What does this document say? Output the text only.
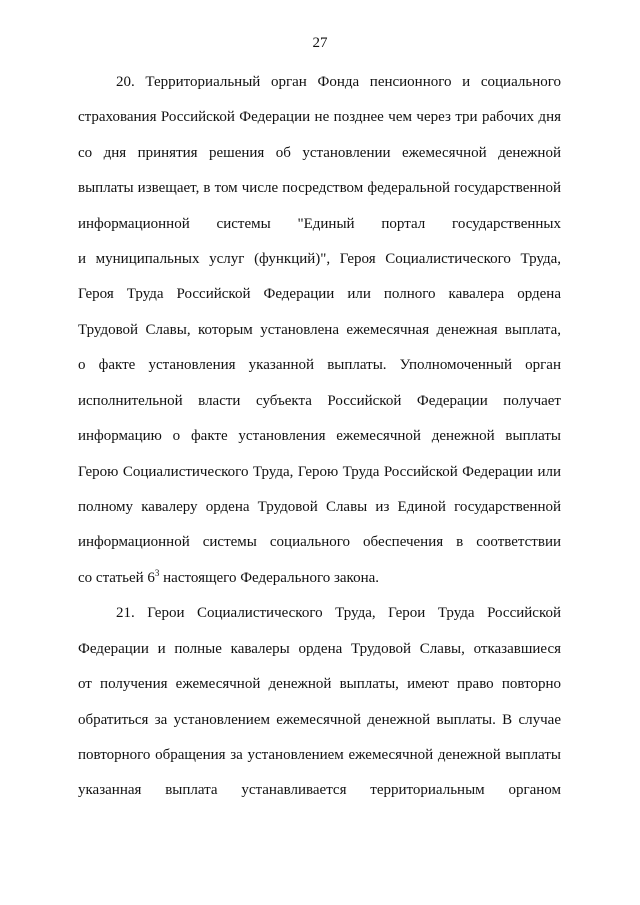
27
20. Территориальный орган Фонда пенсионного и социального
страхования Российской Федерации не позднее чем через три рабочих дня
со дня принятия решения об установлении ежемесячной денежной
выплаты извещает, в том числе посредством федеральной государственной
информационной системы "Единый портал государственных
и муниципальных услуг (функций)", Героя Социалистического Труда,
Героя Труда Российской Федерации или полного кавалера ордена
Трудовой Славы, которым установлена ежемесячная денежная выплата,
о факте установления указанной выплаты. Уполномоченный орган
исполнительной власти субъекта Российской Федерации получает
информацию о факте установления ежемесячной денежной выплаты
Герою Социалистического Труда, Герою Труда Российской Федерации или
полному кавалеру ордена Трудовой Славы из Единой государственной
информационной системы социального обеспечения в соответствии
со статьей $6^3$ настоящего Федерального закона.
21. Герои Социалистического Труда, Герои Труда Российской
Федерации и полные кавалеры ордена Трудовой Славы, отказавшиеся
от получения ежемесячной денежной выплаты, имеют право повторно
обратиться за установлением ежемесячной денежной выплаты. В случае
повторного обращения за установлением ежемесячной денежной выплаты
указанная выплата устанавливается территориальным органом
